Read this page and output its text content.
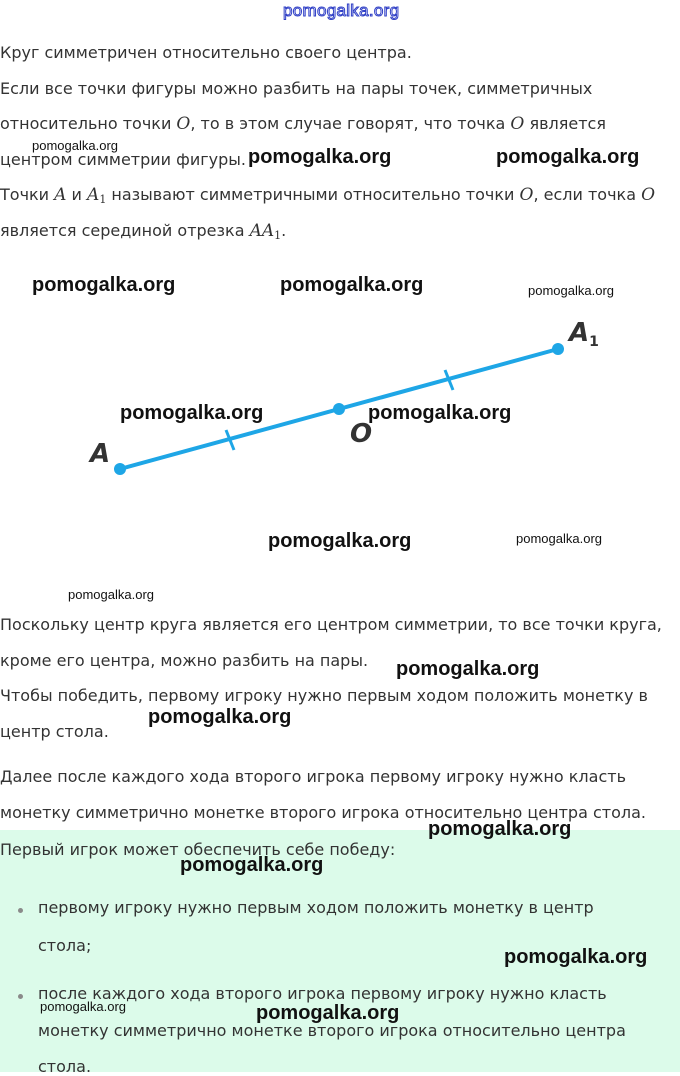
pomogalka.org
Круг симметричен относительно своего центра.
Если все точки фигуры можно разбить на пары точек, симметричных
относительно точки O, то в этом случае говорят, что точка O является
центром симметрии фигуры.
Точки A и $A_1$ называют симметричными относительно точки O, если точка O
является серединой отрезка $AA_1$.
A
O
A1
Поскольку центр круга является его центром симметрии, то все точки круга,
кроме его центра, можно разбить на пары.
Чтобы победить, первому игроку нужно первым ходом положить монетку в
центр стола.
Далее после каждого хода второго игрока первому игроку нужно класть
монетку симметрично монетке второго игрока относительно центра стола.
Первый игрок может обеспечить себе победу:
первому игроку нужно первым ходом положить монетку в центр
стола;
после каждого хода второго игрока первому игроку нужно класть
монетку симметрично монетке второго игрока относительно центра
стола.
pomogalka.org
pomogalka.org	pomogalka.org
pomogalka.org	pomogalka.org	pomogalka.org
pomogalka.org	pomogalka.org
pomogalka.org	pomogalka.org
pomogalka.org
pomogalka.org
pomogalka.org
pomogalka.org
pomogalka.org
pomogalka.org
pomogalka.org	pomogalka.org
